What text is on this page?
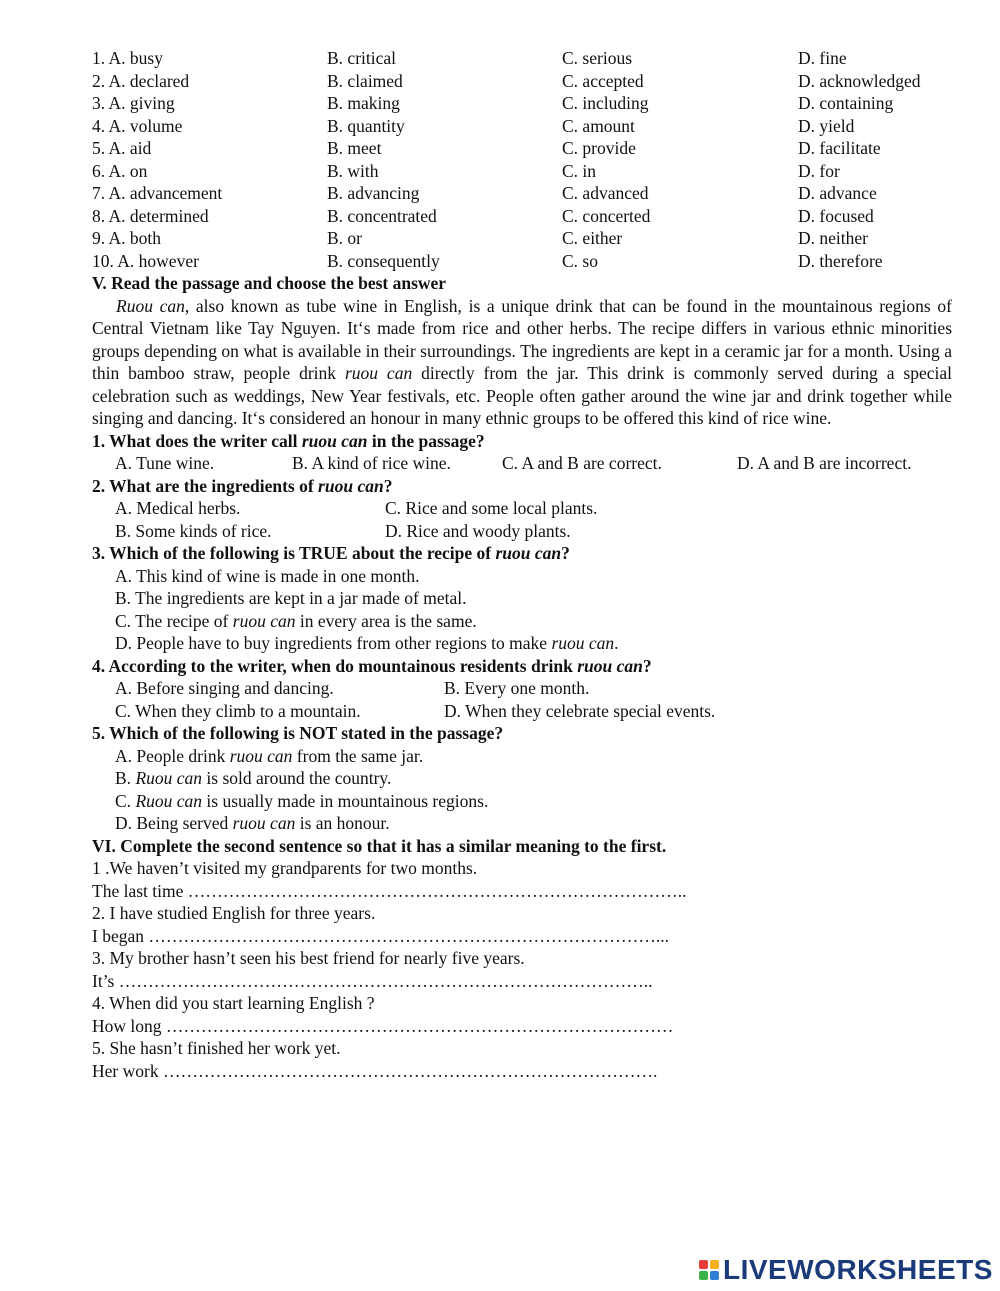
1. A. busy	B. critical	C. serious	D. fine
2. A. declared	B. claimed	C. accepted	D. acknowledged
3. A. giving	B. making	C. including	D. containing
4. A. volume	B. quantity	C. amount	D. yield
5. A. aid	B. meet	C. provide	D. facilitate
6. A. on	B. with	C. in	D. for
7. A. advancement	B. advancing	C. advanced	D. advance
8. A. determined	B. concentrated	C. concerted	D. focused
9. A. both	B. or	C. either	D. neither
10. A. however	B. consequently	C. so	D. therefore
V. Read the passage and choose the best answer

Ruou can, also known as tube wine in English, is a unique drink that can be found in the mountainous regions of Central Vietnam like Tay Nguyen. It‘s made from rice and other herbs. The recipe differs in various ethnic minorities groups depending on what is available in their surroundings. The ingredients are kept in a ceramic jar for a month. Using a thin bamboo straw, people drink ruou can directly from the jar. This drink is commonly served during a special celebration such as weddings, New Year festivals, etc. People often gather around the wine jar and drink together while singing and dancing. It‘s considered an honour in many ethnic groups to be offered this kind of rice wine.

1. What does the writer call ruou can in the passage?

A. Tune wine.	B. A kind of rice wine.	C. A and B are correct.	D. A and B are incorrect.

2. What are the ingredients of ruou can?

A. Medical herbs.	C. Rice and some local plants.
B. Some kinds of rice.	D. Rice and woody plants.

3. Which of the following is TRUE about the recipe of ruou can?

A. This kind of wine is made in one month.

B. The ingredients are kept in a jar made of metal.

C. The recipe of ruou can in every area is the same.

D. People have to buy ingredients from other regions to make ruou can.

4. According to the writer, when do mountainous residents drink ruou can?

A. Before singing and dancing.	B. Every one month.
C. When they climb to a mountain.	D. When they celebrate special events.

5. Which of the following is NOT stated in the passage?

A. People drink ruou can from the same jar.

B. Ruou can is sold around the country.

C. Ruou can is usually made in mountainous regions.

D. Being served ruou can is an honour.

VI. Complete the second sentence so that it has a similar meaning to the first.

1 .We haven’t visited my grandparents for two months.

The last time …………………………………………………………………………..

2. I have studied English for three years.

I began ……………………………………………………………………………...

3. My brother hasn’t seen his best friend for nearly five years.

It’s ………………………………………………………………………………..

4. When did you start learning English ?

How long ……………………………………………………………………………

5. She hasn’t finished her work yet.

Her work ………………………………………………………………………….

LIVEWORKSHEETS
